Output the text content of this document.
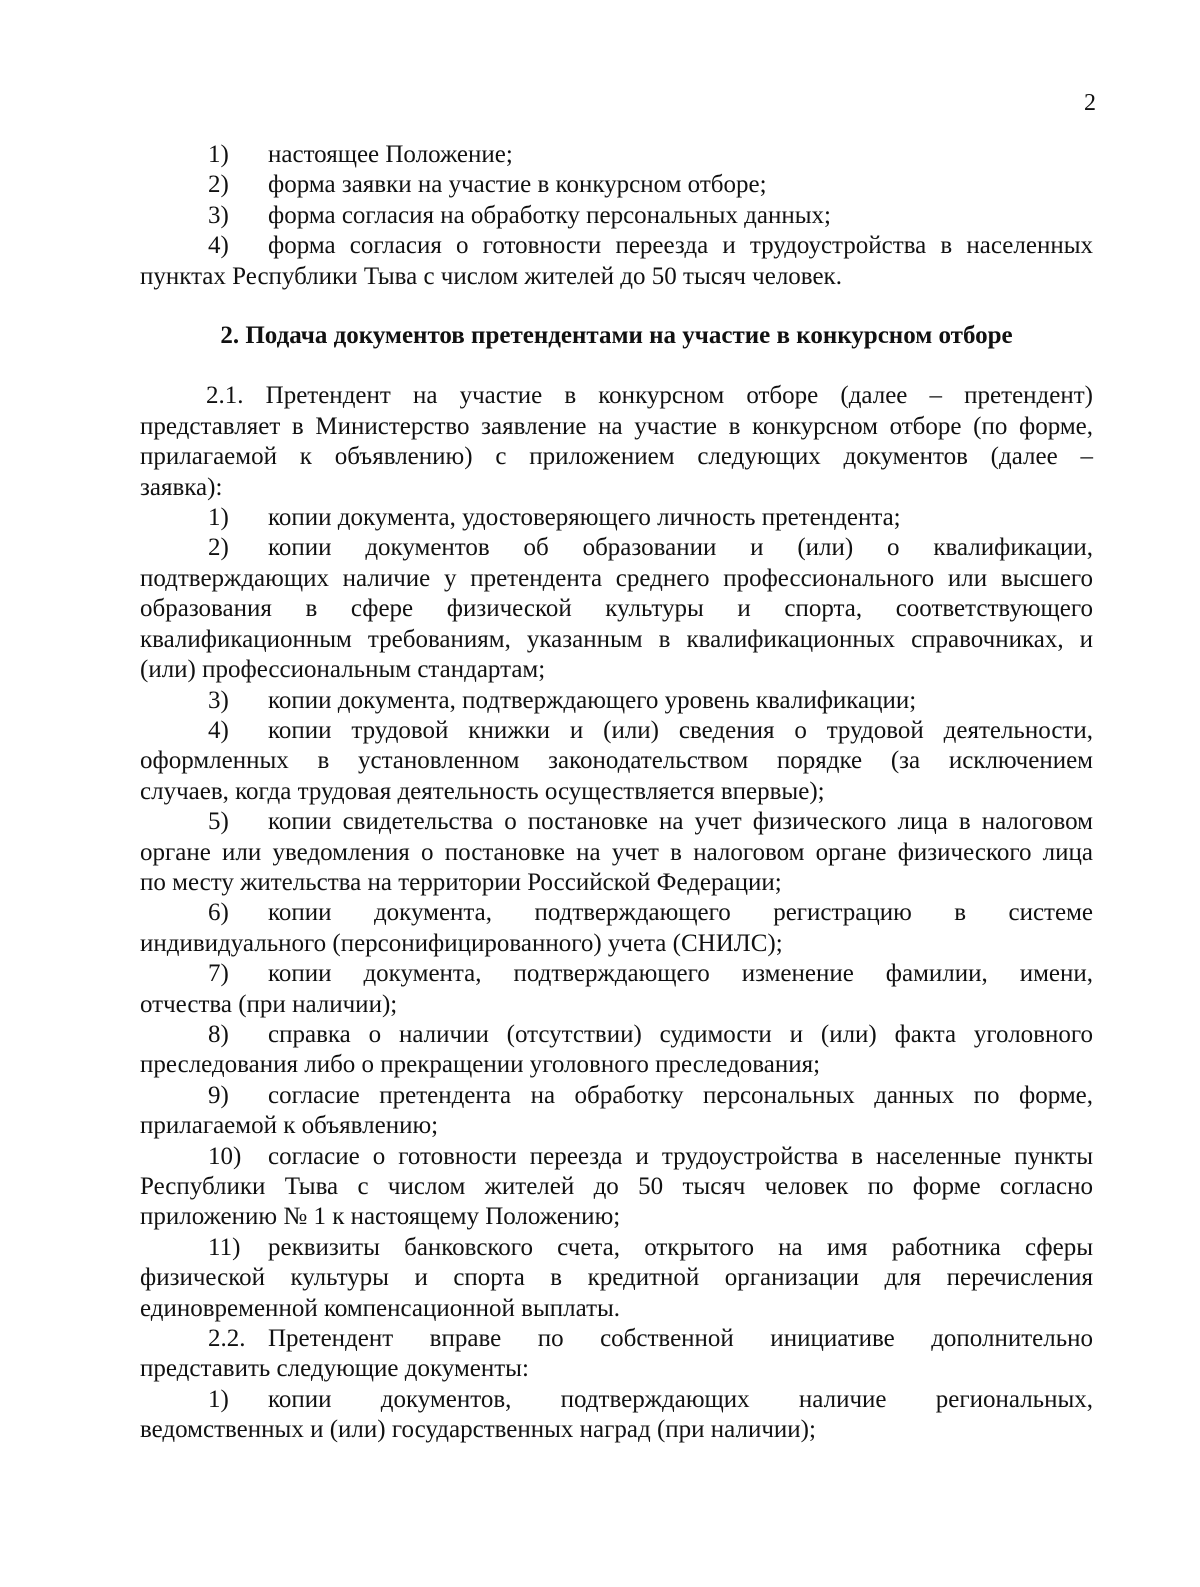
2
1)	настоящее Положение;
2)	форма заявки на участие в конкурсном отборе;
3)	форма согласия на обработку персональных данных;
4)	форма согласия о готовности переезда и трудоустройства в населенных
пунктах Республики Тыва с числом жителей до 50 тысяч человек.
2. Подача документов претендентами на участие в конкурсном отборе
2.1. Претендент на участие в конкурсном отборе (далее – претендент)
представляет в Министерство заявление на участие в конкурсном отборе (по форме,
прилагаемой к объявлению) с приложением следующих документов (далее –
заявка):
1)	копии документа, удостоверяющего личность претендента;
2)	копии документов об образовании и (или) о квалификации,
подтверждающих наличие у претендента среднего профессионального или высшего
образования в сфере физической культуры и спорта, соответствующего
квалификационным требованиям, указанным в квалификационных справочниках, и
(или) профессиональным стандартам;
3)	копии документа, подтверждающего уровень квалификации;
4)	копии трудовой книжки и (или) сведения о трудовой деятельности,
оформленных в установленном законодательством порядке (за исключением
случаев, когда трудовая деятельность осуществляется впервые);
5)	копии свидетельства о постановке на учет физического лица в налоговом
органе или уведомления о постановке на учет в налоговом органе физического лица
по месту жительства на территории Российской Федерации;
6)	копии документа, подтверждающего регистрацию в системе
индивидуального (персонифицированного) учета (СНИЛС);
7)	копии документа, подтверждающего изменение фамилии, имени,
отчества (при наличии);
8)	справка о наличии (отсутствии) судимости и (или) факта уголовного
преследования либо о прекращении уголовного преследования;
9)	согласие претендента на обработку персональных данных по форме,
прилагаемой к объявлению;
10)	согласие о готовности переезда и трудоустройства в населенные пункты
Республики Тыва с числом жителей до 50 тысяч человек по форме согласно
приложению № 1 к настоящему Положению;
11)	реквизиты банковского счета, открытого на имя работника сферы
физической культуры и спорта в кредитной организации для перечисления
единовременной компенсационной выплаты.
2.2. Претендент вправе по собственной инициативе дополнительно
представить следующие документы:
1)	копии документов, подтверждающих наличие региональных,
ведомственных и (или) государственных наград (при наличии);
